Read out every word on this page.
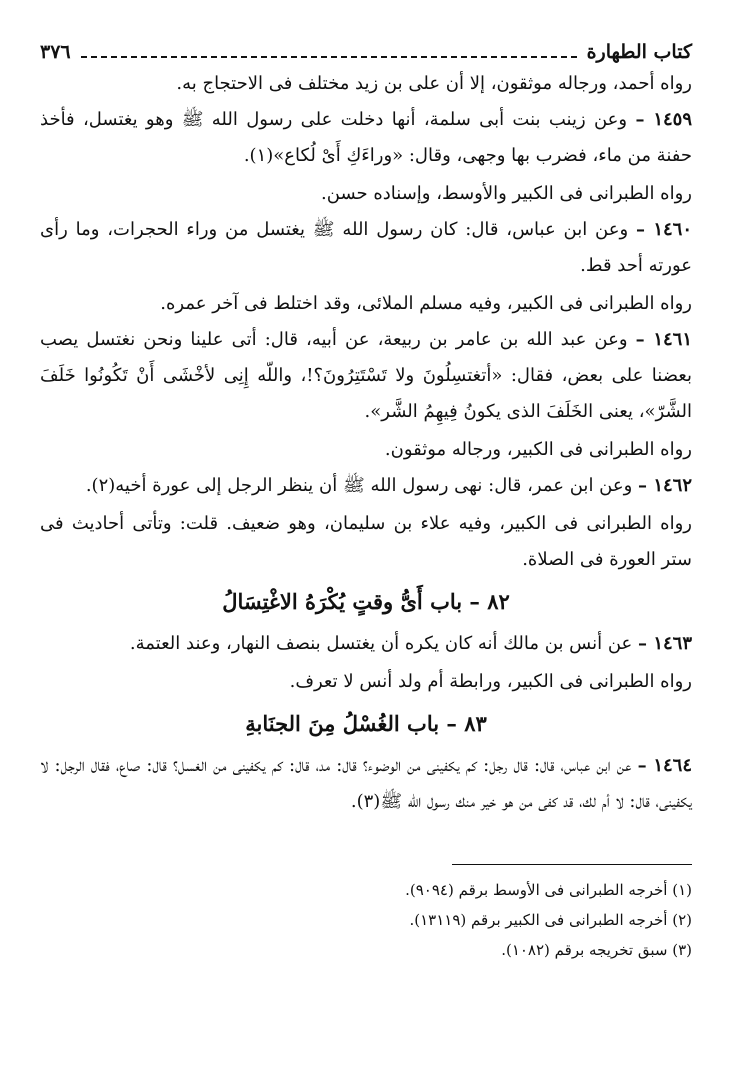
كتاب الطهارة
٣٧٦

رواه أحمد، ورجاله موثقون، إلا أن على بن زيد مختلف فى الاحتجاج به.

١٤٥٩ – وعن زينب بنت أبى سلمة، أنها دخلت على رسول الله ﷺ وهو يغتسل، فأخذ حفنة من ماء، فضرب بها وجهى، وقال: «وراءَكِ أَىْ لُكاع»(١).

رواه الطبرانى فى الكبير والأوسط، وإسناده حسن.

١٤٦٠ – وعن ابن عباس، قال: كان رسول الله ﷺ يغتسل من وراء الحجرات، وما رأى عورته أحد قط.

رواه الطبرانى فى الكبير، وفيه مسلم الملائى، وقد اختلط فى آخر عمره.

١٤٦١ – وعن عبد الله بن عامر بن ربيعة، عن أبيه، قال: أتى علينا ونحن نغتسل يصب بعضنا على بعض، فقال: «أتغتسِلُونَ ولا تَسْتَتِرُونَ؟!، واللّه إِنِى لأخْشَى أَنْ تَكُونُوا خَلَفَ الشَّرّ»، يعنى الخَلَفَ الذى يكونُ فِيهِمُ الشَّر».

رواه الطبرانى فى الكبير، ورجاله موثقون.

١٤٦٢ – وعن ابن عمر، قال: نهى رسول الله ﷺ أن ينظر الرجل إلى عورة أخيه(٢).

رواه الطبرانى فى الكبير، وفيه علاء بن سليمان، وهو ضعيف. قلت: وتأتى أحاديث فى ستر العورة فى الصلاة.

٨٢ – باب أَىُّ وقتٍ يُكْرَهُ الاغْتِسَالُ

١٤٦٣ – عن أنس بن مالك أنه كان يكره أن يغتسل بنصف النهار، وعند العتمة.

رواه الطبرانى فى الكبير، ورابطة أم ولد أنس لا تعرف.

٨٣ – باب الغُسْلُ مِنَ الجنَابةِ

١٤٦٤ – عن ابن عباس، قال: قال رجل: كم يكفينى من الوضوء؟ قال: مد، قال: كم يكفينى من الغسل؟ قال: صاع، فقال الرجل: لا يكفينى، قال: لا أم لك، قد كفى من هو خير منك رسول الله ﷺ(٣).

(١) أخرجه الطبرانى فى الأوسط برقم (٩٠٩٤).

(٢) أخرجه الطبرانى فى الكبير برقم (١٣١١٩).

(٣) سبق تخريجه برقم (١٠٨٢).
